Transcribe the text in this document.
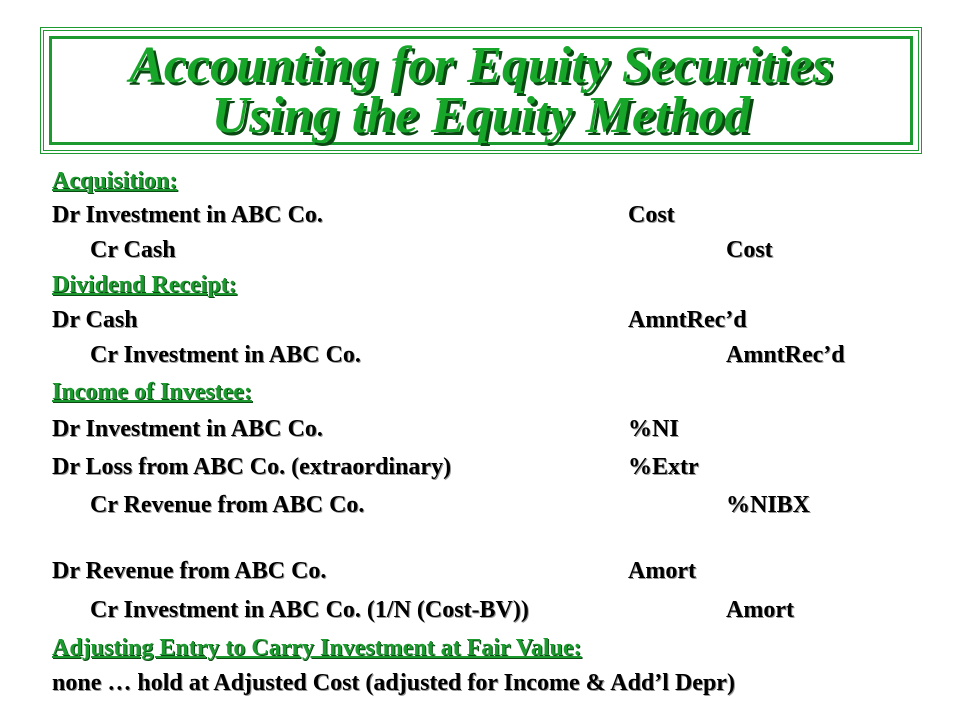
Accounting for Equity Securities
Using the Equity Method
Acquisition:
Dr Investment in ABC Co.	Cost
Cr Cash	Cost
Dividend Receipt:
Dr Cash	AmntRec’d
Cr Investment in ABC Co.	AmntRec’d
Income of Investee:
Dr Investment in ABC Co.	%NI
Dr Loss from ABC Co. (extraordinary)	%Extr
Cr Revenue from ABC Co.	%NIBX
Dr Revenue from ABC Co.	Amort
Cr Investment in ABC Co. (1/N (Cost-BV))	Amort
Adjusting Entry to Carry Investment at Fair Value:
none … hold at Adjusted Cost (adjusted for Income & Add’l Depr)
